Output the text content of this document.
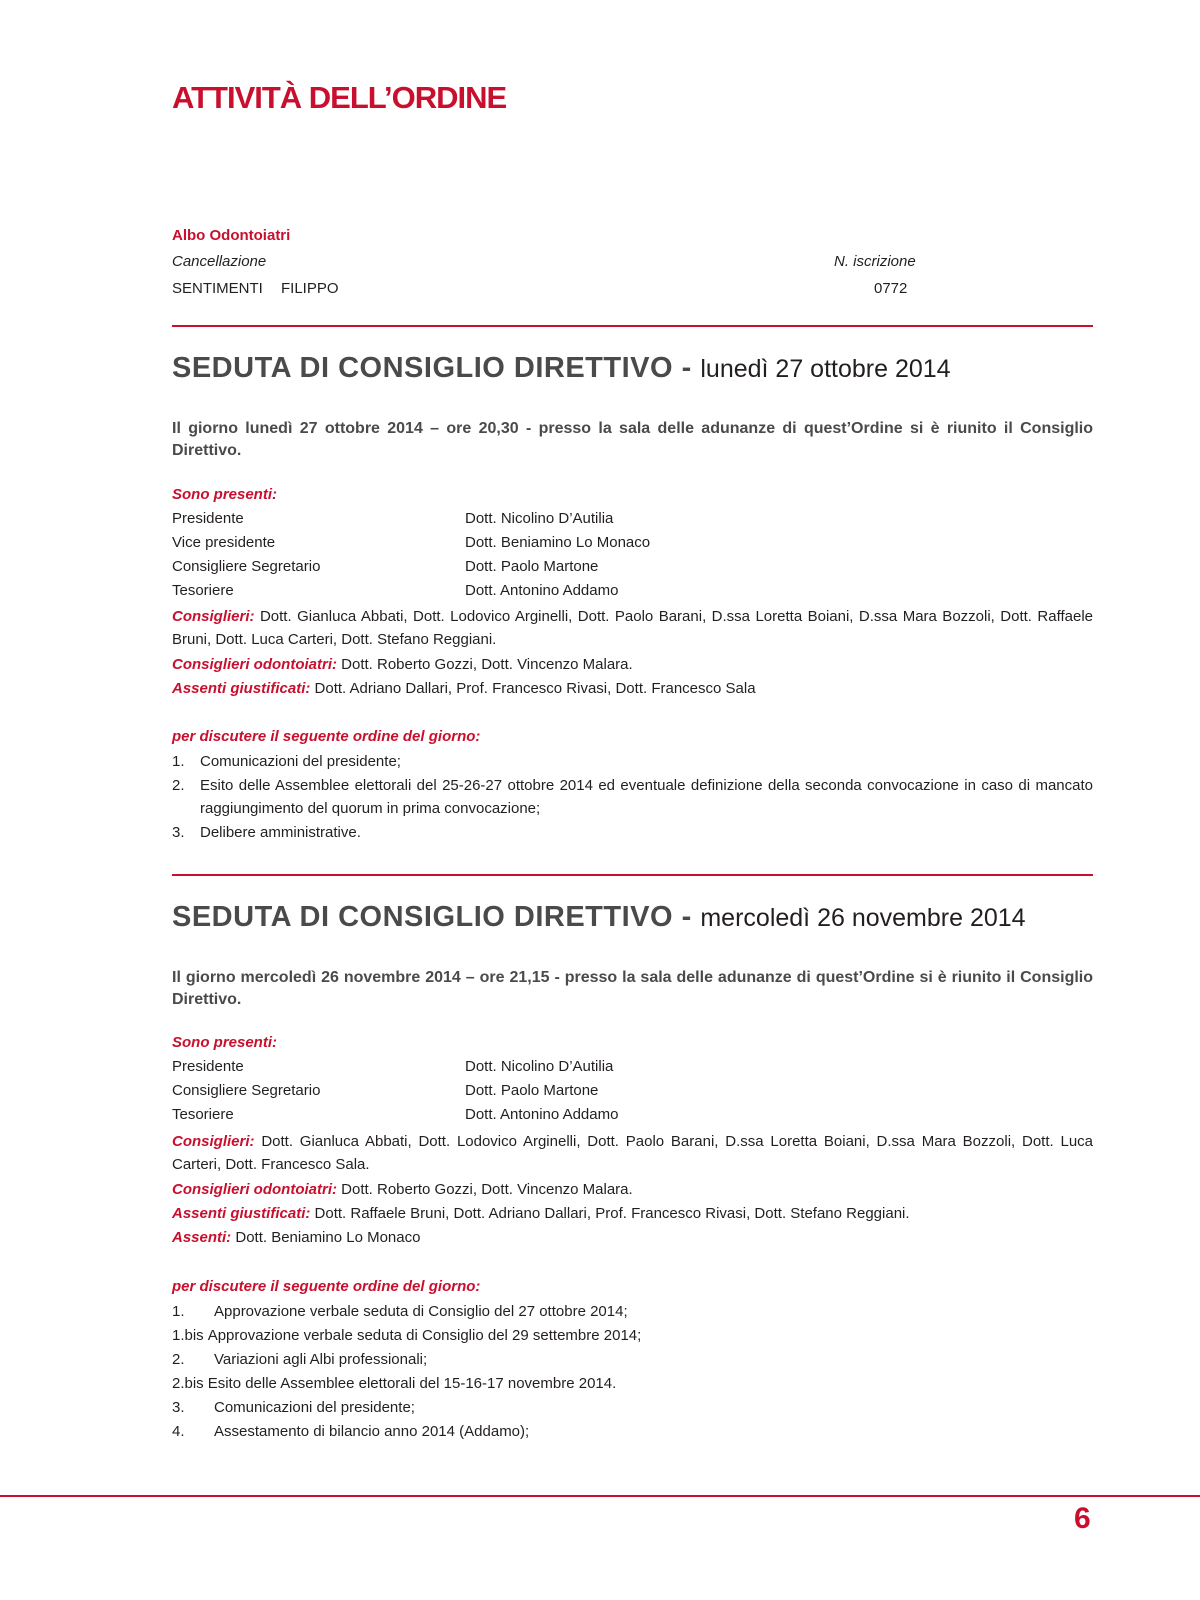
ATTIVITÀ DELL’ORDINE
Albo Odontoiatri
Cancellazione	N. iscrizione
SENTIMENTI FILIPPO	0772
SEDUTA DI CONSIGLIO DIRETTIVO - lunedì 27 ottobre 2014
Il giorno lunedì 27 ottobre 2014 – ore 20,30 - presso la sala delle adunanze di quest’Ordine si è riunito il Consiglio Direttivo.
Sono presenti:
Presidente	Dott. Nicolino D’Autilia
Vice presidente	Dott. Beniamino Lo Monaco
Consigliere Segretario	Dott. Paolo Martone
Tesoriere	Dott. Antonino Addamo
Consiglieri: Dott. Gianluca Abbati, Dott. Lodovico Arginelli, Dott. Paolo Barani, D.ssa Loretta Boiani, D.ssa Mara Bozzoli, Dott. Raffaele Bruni, Dott. Luca Carteri, Dott. Stefano Reggiani.
Consiglieri odontoiatri: Dott. Roberto Gozzi, Dott. Vincenzo Malara.
Assenti giustificati: Dott. Adriano Dallari, Prof. Francesco Rivasi, Dott. Francesco Sala
per discutere il seguente ordine del giorno:
1.	Comunicazioni del presidente;
2.	Esito delle Assemblee elettorali del 25-26-27 ottobre 2014 ed eventuale definizione della seconda convocazione in caso di mancato raggiungimento del quorum in prima convocazione;
3.	Delibere amministrative.
SEDUTA DI CONSIGLIO DIRETTIVO - mercoledì 26 novembre 2014
Il giorno mercoledì 26 novembre 2014 – ore 21,15 - presso la sala delle adunanze di quest’Ordine si è riunito il Consiglio Direttivo.
Sono presenti:
Presidente	Dott. Nicolino D’Autilia
Consigliere Segretario	Dott. Paolo Martone
Tesoriere	Dott. Antonino Addamo
Consiglieri: Dott. Gianluca Abbati, Dott. Lodovico Arginelli, Dott. Paolo Barani, D.ssa Loretta Boiani, D.ssa Mara Bozzoli, Dott. Luca Carteri, Dott. Francesco Sala.
Consiglieri odontoiatri: Dott. Roberto Gozzi, Dott. Vincenzo Malara.
Assenti giustificati: Dott. Raffaele Bruni, Dott. Adriano Dallari, Prof. Francesco Rivasi, Dott. Stefano Reggiani.
Assenti: Dott. Beniamino Lo Monaco
per discutere il seguente ordine del giorno:
1.	Approvazione verbale seduta di Consiglio del 27 ottobre 2014;
1.bis Approvazione verbale seduta di Consiglio del 29 settembre 2014;
2.	Variazioni agli Albi professionali;
2.bis Esito delle Assemblee elettorali del 15-16-17 novembre 2014.
3.	Comunicazioni del presidente;
4.	Assestamento di bilancio anno 2014 (Addamo);
6
